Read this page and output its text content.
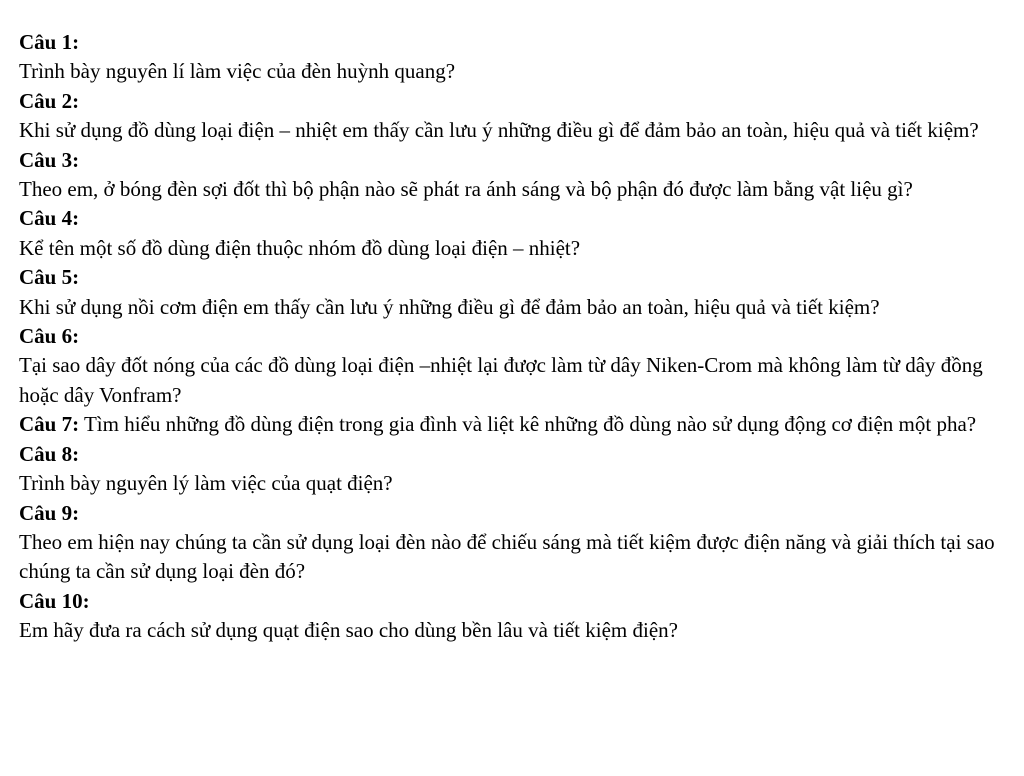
Câu 1:
Trình bày nguyên lí làm việc của đèn huỳnh quang?
Câu 2:
Khi sử dụng đồ dùng loại điện – nhiệt em thấy cần lưu ý những điều gì để đảm bảo an toàn, hiệu quả và tiết kiệm?
Câu 3:
Theo em, ở bóng đèn sợi đốt thì bộ phận nào sẽ phát ra ánh sáng và bộ phận đó được làm bằng vật liệu gì?
Câu 4:
Kể tên một số đồ dùng điện thuộc nhóm đồ dùng loại điện – nhiệt?
Câu 5:
Khi sử dụng nồi cơm điện em thấy cần lưu ý những điều gì để đảm bảo an toàn, hiệu quả và tiết kiệm?
Câu 6:
Tại sao dây đốt nóng của các đồ dùng loại điện –nhiệt lại được làm từ dây Niken-Crom mà không làm từ dây đồng hoặc dây Vonfram?
Câu 7: Tìm hiểu những đồ dùng điện trong gia đình và liệt kê những đồ dùng nào sử dụng động cơ điện một pha?
Câu 8:
Trình bày nguyên lý làm việc của quạt điện?
Câu 9:
Theo em hiện nay chúng ta cần sử dụng loại đèn nào để chiếu sáng mà tiết kiệm được điện năng và giải thích tại sao chúng ta cần sử dụng loại đèn đó?
Câu 10:
Em hãy đưa ra cách sử dụng quạt điện sao cho dùng bền lâu và tiết kiệm điện?
